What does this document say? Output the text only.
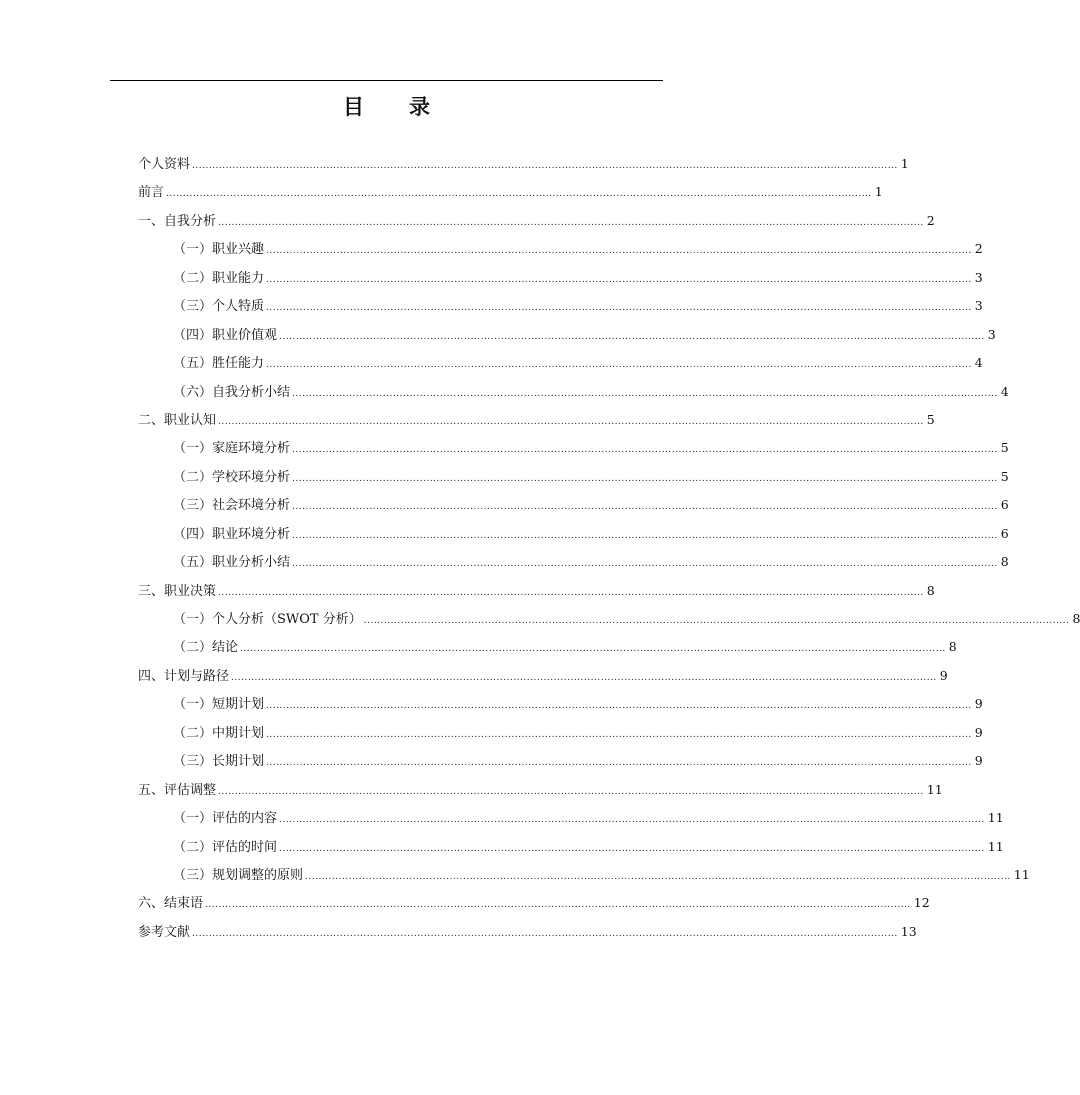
目 录
个人资料 .................................................................................................................................................................................................................. 1
前言 .................................................................................................................................................................................................................. 1
一、自我分析 .................................................................................................................................................................................................................. 2
（一）职业兴趣 .................................................................................................................................................................................................................. 2
（二）职业能力 .................................................................................................................................................................................................................. 3
（三）个人特质 .................................................................................................................................................................................................................. 3
（四）职业价值观 .................................................................................................................................................................................................................. 3
（五）胜任能力 .................................................................................................................................................................................................................. 4
（六）自我分析小结 .................................................................................................................................................................................................................. 4
二、职业认知 .................................................................................................................................................................................................................. 5
（一）家庭环境分析 .................................................................................................................................................................................................................. 5
（二）学校环境分析 .................................................................................................................................................................................................................. 5
（三）社会环境分析 .................................................................................................................................................................................................................. 6
（四）职业环境分析 .................................................................................................................................................................................................................. 6
（五）职业分析小结 .................................................................................................................................................................................................................. 8
三、职业决策 .................................................................................................................................................................................................................. 8
（一）个人分析（SWOT 分析） .................................................................................................................................................................................................................. 8
（二）结论 .................................................................................................................................................................................................................. 8
四、计划与路径 .................................................................................................................................................................................................................. 9
（一）短期计划 .................................................................................................................................................................................................................. 9
（二）中期计划 .................................................................................................................................................................................................................. 9
（三）长期计划 .................................................................................................................................................................................................................. 9
五、评估调整 .................................................................................................................................................................................................................. 11
（一）评估的内容 .................................................................................................................................................................................................................. 11
（二）评估的时间 .................................................................................................................................................................................................................. 11
（三）规划调整的原则 .................................................................................................................................................................................................................. 11
六、结束语 .................................................................................................................................................................................................................. 12
参考文献 .................................................................................................................................................................................................................. 13
